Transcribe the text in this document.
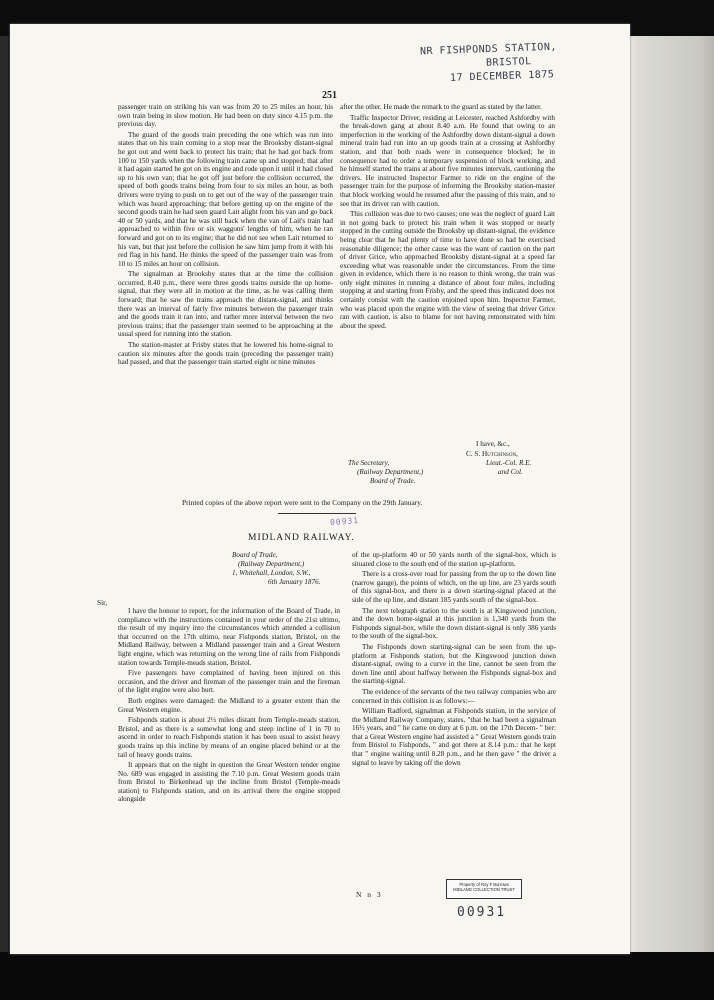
NR FISHPONDS STATION,
BRISTOL
17 DECEMBER 1875
251

passenger train on striking his van was from 20 to 25 miles an hour, his own train being in slow motion. He had been on duty since 4.15 p.m. the previous day.

The guard of the goods train preceding the one which was run into states that on his train coming to a stop near the Brooksby distant-signal he got out and went back to protect his train; that he had got back from 100 to 150 yards when the following train came up and stopped; that after it had again started he got on its engine and rode upon it until it had closed up to his own van; that he got off just before the collision occurred, the speed of both goods trains being from four to six miles an hour, as both drivers were trying to push on to get out of the way of the passenger train which was heard approaching; that before getting up on the engine of the second goods train he had seen guard Lait alight from his van and go back 40 or 50 yards, and that he was still back when the van of Lait's train had approached to within five or six waggons' lengths of him, when he ran forward and got on to its engine; that he did not see when Lait returned to his van, but that just before the collision he saw him jump from it with his red flag in his hand. He thinks the speed of the passenger train was from 10 to 15 miles an hour on collision.

The signalman at Brooksby states that at the time the collision occurred, 8.40 p.m., there were three goods trains outside the up home-signal, that they were all in motion at the time, as he was calling them forward; that he saw the trains approach the distant-signal, and thinks there was an interval of fairly five minutes between the passenger train and the goods train it ran into, and rather more interval between the two previous trains; that the passenger train seemed to be approaching at the usual speed for running into the station.

The station-master at Frisby states that he lowered his home-signal to caution six minutes after the goods train (preceding the passenger train) had passed, and that the passenger train started eight or nine minutes

after the other. He made the remark to the guard as stated by the latter.

Traffic Inspector Driver, residing at Leicester, reached Ashfordby with the break-down gang at about 8.40 a.m. He found that owing to an imperfection in the working of the Ashfordby down distant-signal a down mineral train had run into an up goods train at a crossing at Ashfordby station, and that both roads were in consequence blocked; he in consequence had to order a temporary suspension of block working, and he himself started the trains at about five minutes intervals, cautioning the drivers. He instructed Inspector Farmer to ride on the engine of the passenger train for the purpose of informing the Brooksby station-master that block working would be resumed after the passing of this train, and to see that its driver ran with caution.

This collision was due to two causes; one was the neglect of guard Lait in not going back to protect his train when it was stopped or nearly stopped in the cutting outside the Brooksby up distant-signal, the evidence being clear that he had plenty of time to have done so had he exercised reasonable diligence; the other cause was the want of caution on the part of driver Grice, who approached Brooksby distant-signal at a speed far exceeding what was reasonable under the circumstances. From the time given in evidence, which there is no reason to think wrong, the train was only eight minutes in running a distance of about four miles, including stopping at and starting from Frisby, and the speed thus indicated does not certainly consist with the caution enjoined upon him. Inspector Farmer, who was placed upon the engine with the view of seeing that driver Grice ran with caution, is also to blame for not having remonstrated with him about the speed.

I have, &c.,
C. S. Hutchinson,
Lieut.-Col. R.E.
and Col.
The Secretary,
(Railway Department,)
Board of Trade.
Printed copies of the above report were sent to the Company on the 29th January.
00931
MIDLAND RAILWAY.
Board of Trade,
(Railway Department,)
1, Whitehall, London, S.W.,
6th January 1876.
Sir,

I have the honour to report, for the information of the Board of Trade, in compliance with the instructions contained in your order of the 21st ultimo, the result of my inquiry into the circumstances which attended a collision that occurred on the 17th ultimo, near Fishponds station, Bristol, on the Midland Railway, between a Midland passenger train and a Great Western light engine, which was returning on the wrong line of rails from Fishponds station towards Temple-meads station, Bristol.

Five passengers have complained of having been injured on this occasion, and the driver and fireman of the passenger train and the fireman of the light engine were also hurt.

Both engines were damaged: the Midland to a greater extent than the Great Western engine.

Fishponds station is about 2½ miles distant from Temple-meads station, Bristol, and as there is a somewhat long and steep incline of 1 in 70 to ascend in order to reach Fishponds station it has been usual to assist heavy goods trains up this incline by means of an engine placed behind or at the tail of heavy goods trains.

It appears that on the night in question the Great Western tender engine No. 689 was engaged in assisting the 7.10 p.m. Great Western goods train from Bristol to Birkenhead up the incline from Bristol (Temple-meads station) to Fishponds station, and on its arrival there the engine stopped alongside

of the up-platform 40 or 50 yards north of the signal-box, which is situated close to the south end of the station up-platform.

There is a cross-over road for passing from the up to the down line (narrow gauge), the points of which, on the up line, are 23 yards south of this signal-box, and there is a down starting-signal placed at the side of the up line, and distant 185 yards south of the signal-box.

The next telegraph station to the south is at Kingswood junction, and the down home-signal at this junction is 1,340 yards from the Fishponds signal-box, while the down distant-signal is only 386 yards to the south of the signal-box.

The Fishponds down starting-signal can be seen from the up-platform at Fishponds station, but the Kingswood junction down distant-signal, owing to a curve in the line, cannot be seen from the down line until about halfway between the Fishponds signal-box and the starting-signal.

The evidence of the servants of the two railway companies who are concerned in this collision is as follows:—

William Radford, signalman at Fishponds station, in the service of the Midland Railway Company, states, "that he had been a signalman 16½ years, and " he came on duty at 6 p.m. on the 17th Decem- " ber: that a Great Western engine had assisted a " Great Western goods train from Bristol to Fishponds, " and got there at 8.14 p.m.: that he kept that " engine waiting until 8.28 p.m., and he then gave " the driver a signal to leave by taking off the down

N n 3
Property of Roy F Burrows
MIDLAND COLLECTION TRUST
00931
